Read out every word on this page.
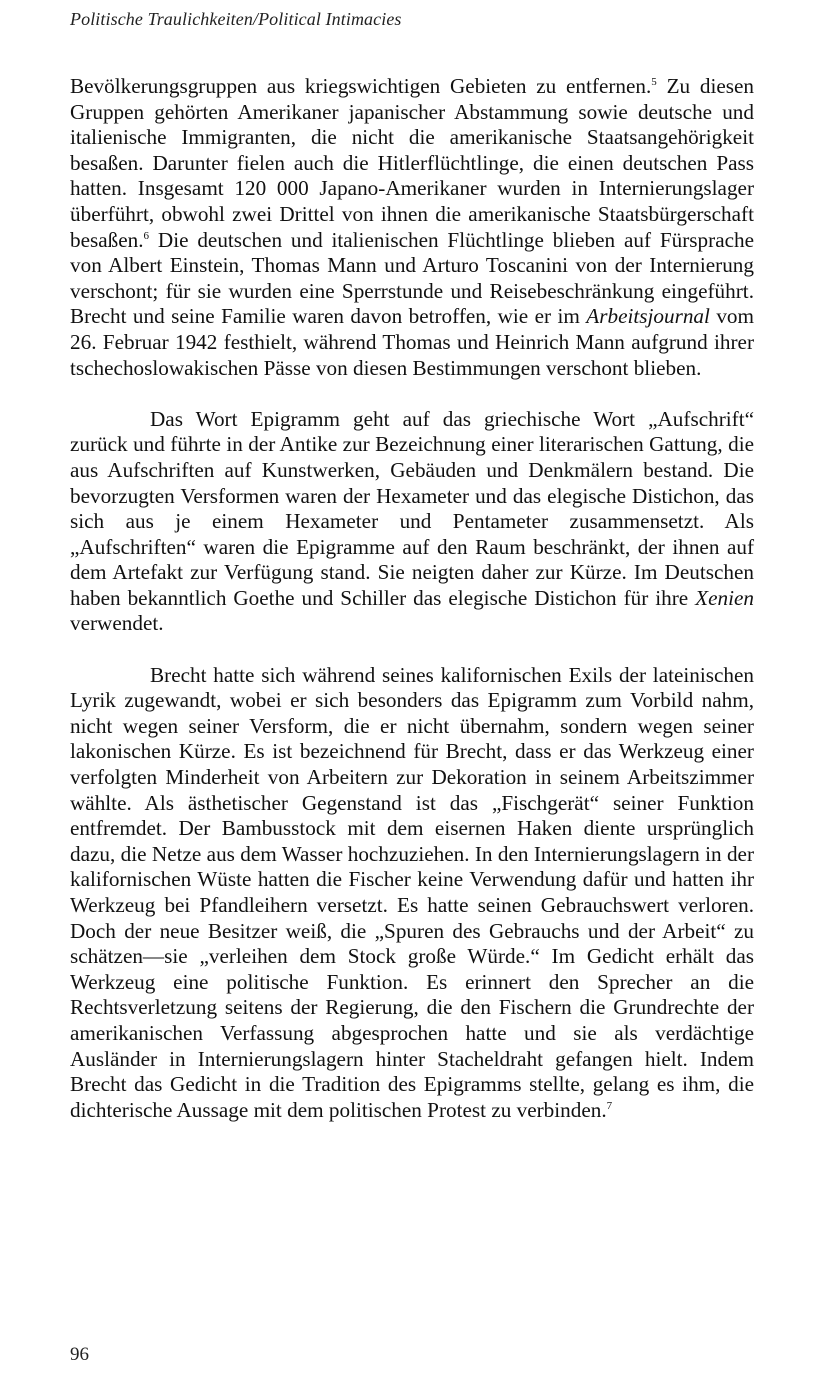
Politische Traulichkeiten/Political Intimacies

Bevölkerungsgruppen aus kriegswichtigen Gebieten zu entfernen.$^5$ Zu diesen Gruppen gehörten Amerikaner japanischer Abstammung sowie deutsche und italienische Immigranten, die nicht die amerikanische Staatsangehörigkeit besaßen. Darunter fielen auch die Hitlerflüchtlinge, die einen deutschen Pass hatten. Insgesamt 120 000 Japano-Amerikaner wurden in Internierungslager überführt, obwohl zwei Drittel von ihnen die amerikanische Staatsbürgerschaft besaßen.$^6$ Die deutschen und italienischen Flüchtlinge blieben auf Fürsprache von Albert Einstein, Thomas Mann und Arturo Toscanini von der Internierung verschont; für sie wurden eine Sperrstunde und Reisebeschränkung eingeführt. Brecht und seine Familie waren davon betroffen, wie er im Arbeitsjournal vom 26. Februar 1942 festhielt, während Thomas und Heinrich Mann aufgrund ihrer tschechoslowakischen Pässe von diesen Bestimmungen verschont blieben.

Das Wort Epigramm geht auf das griechische Wort „Aufschrift“ zurück und führte in der Antike zur Bezeichnung einer literarischen Gattung, die aus Aufschriften auf Kunstwerken, Gebäuden und Denkmälern bestand. Die bevorzugten Versformen waren der Hexameter und das elegische Distichon, das sich aus je einem Hexameter und Pentameter zusammensetzt. Als „Aufschriften“ waren die Epigramme auf den Raum beschränkt, der ihnen auf dem Artefakt zur Verfügung stand. Sie neigten daher zur Kürze. Im Deutschen haben bekanntlich Goethe und Schiller das elegische Distichon für ihre Xenien verwendet.

Brecht hatte sich während seines kalifornischen Exils der lateinischen Lyrik zugewandt, wobei er sich besonders das Epigramm zum Vorbild nahm, nicht wegen seiner Versform, die er nicht übernahm, sondern wegen seiner lakonischen Kürze. Es ist bezeichnend für Brecht, dass er das Werkzeug einer verfolgten Minderheit von Arbeitern zur Dekoration in seinem Arbeitszimmer wählte. Als ästhetischer Gegenstand ist das „Fischgerät“ seiner Funktion entfremdet. Der Bambusstock mit dem eisernen Haken diente ursprünglich dazu, die Netze aus dem Wasser hochzuziehen. In den Internierungslagern in der kalifornischen Wüste hatten die Fischer keine Verwendung dafür und hatten ihr Werkzeug bei Pfandleihern versetzt. Es hatte seinen Gebrauchswert verloren. Doch der neue Besitzer weiß, die „Spuren des Gebrauchs und der Arbeit“ zu schätzen—sie „verleihen dem Stock große Würde.“ Im Gedicht erhält das Werkzeug eine politische Funktion. Es erinnert den Sprecher an die Rechtsverletzung seitens der Regierung, die den Fischern die Grundrechte der amerikanischen Verfassung abgesprochen hatte und sie als verdächtige Ausländer in Internierungslagern hinter Stacheldraht gefangen hielt. Indem Brecht das Gedicht in die Tradition des Epigramms stellte, gelang es ihm, die dichterische Aussage mit dem politischen Protest zu verbinden.$^7$

96
